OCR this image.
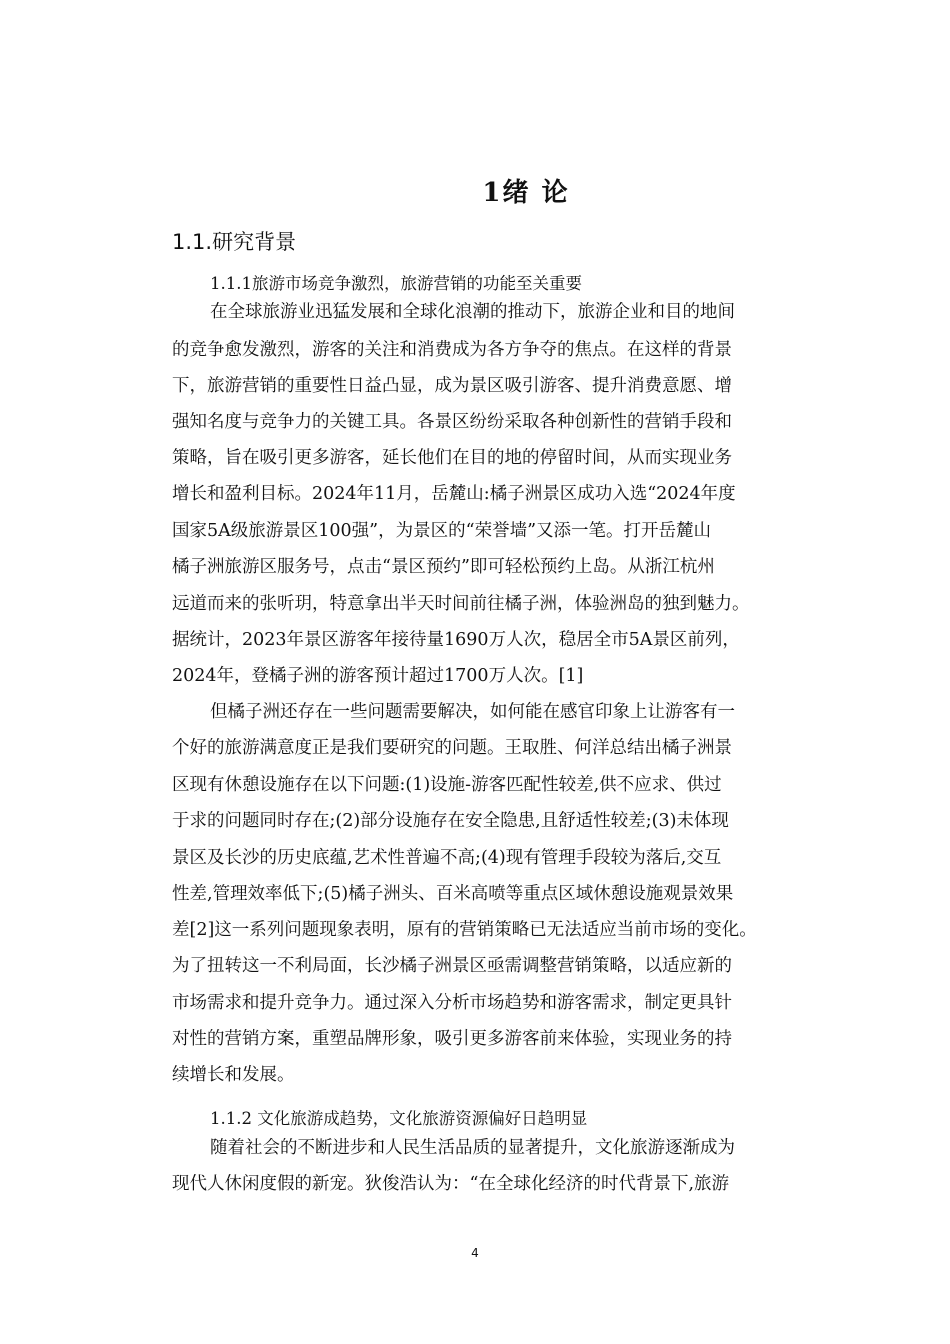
1绪 论
1.1.研究背景
1.1.1旅游市场竞争激烈，旅游营销的功能至关重要
在全球旅游业迅猛发展和全球化浪潮的推动下，旅游企业和目的地间
的竞争愈发激烈，游客的关注和消费成为各方争夺的焦点。在这样的背景
下，旅游营销的重要性日益凸显，成为景区吸引游客、提升消费意愿、增
强知名度与竞争力的关键工具。各景区纷纷采取各种创新性的营销手段和
策略，旨在吸引更多游客，延长他们在目的地的停留时间，从而实现业务
增长和盈利目标。2024年11月，岳麓山:橘子洲景区成功入选“2024年度
国家5A级旅游景区100强”，为景区的“荣誉墙”又添一笔。打开岳麓山
橘子洲旅游区服务号，点击“景区预约”即可轻松预约上岛。从浙江杭州
远道而来的张听玥，特意拿出半天时间前往橘子洲，体验洲岛的独到魅力。
据统计，2023年景区游客年接待量1690万人次，稳居全市5A景区前列，
2024年，登橘子洲的游客预计超过1700万人次。[1]
但橘子洲还存在一些问题需要解决，如何能在感官印象上让游客有一
个好的旅游满意度正是我们要研究的问题。王取胜、何洋总结出橘子洲景
区现有休憩设施存在以下问题:(1)设施-游客匹配性较差,供不应求、供过
于求的问题同时存在;(2)部分设施存在安全隐患,且舒适性较差;(3)未体现
景区及长沙的历史底蕴,艺术性普遍不高;(4)现有管理手段较为落后,交互
性差,管理效率低下;(5)橘子洲头、百米高喷等重点区域休憩设施观景效果
差[2]这一系列问题现象表明，原有的营销策略已无法适应当前市场的变化。
为了扭转这一不利局面，长沙橘子洲景区亟需调整营销策略，以适应新的
市场需求和提升竞争力。通过深入分析市场趋势和游客需求，制定更具针
对性的营销方案，重塑品牌形象，吸引更多游客前来体验，实现业务的持
续增长和发展。
1.1.2 文化旅游成趋势，文化旅游资源偏好日趋明显
随着社会的不断进步和人民生活品质的显著提升，文化旅游逐渐成为
现代人休闲度假的新宠。狄俊浩认为：“在全球化经济的时代背景下,旅游
4
